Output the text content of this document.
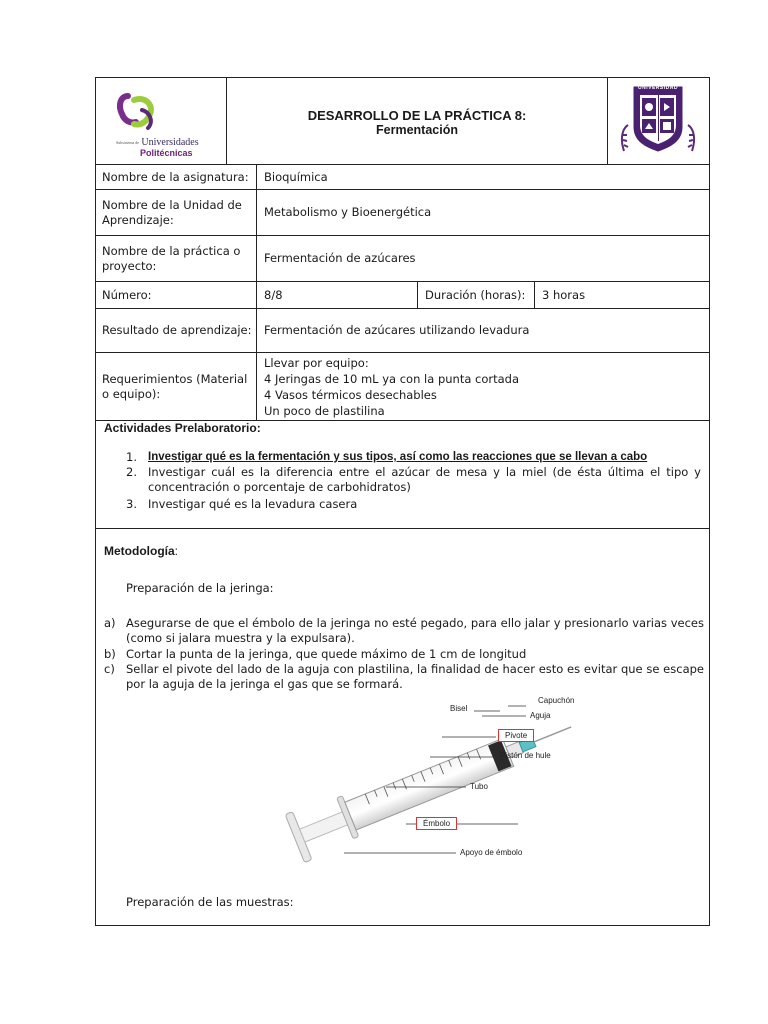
Subsistema de Universidades
Politécnicas
DESARROLLO DE LA PRÁCTICA 8:
Fermentación
UNIVERSIDAD
Nombre de la asignatura:	Bioquímica
Nombre de la Unidad de Aprendizaje:
Metabolismo y Bioenergética
Nombre de la práctica o proyecto:
Fermentación de azúcares
Número:	8/8	Duración (horas):	3 horas
Resultado de aprendizaje:	Fermentación de azúcares utilizando levadura
Requerimientos (Material o equipo):
Llevar por equipo:
4 Jeringas de 10 mL ya con la punta cortada
4 Vasos térmicos desechables
Un poco de plastilina
Actividades Prelaboratorio:
1. Investigar qué es la fermentación y sus tipos, así como las reacciones que se llevan a cabo
2. Investigar cuál es la diferencia entre el azúcar de mesa y la miel (de ésta última el tipo y concentración o porcentaje de carbohidratos)
3. Investigar qué es la levadura casera
Metodología:
Preparación de la jeringa:
a) Asegurarse de que el émbolo de la jeringa no esté pegado, para ello jalar y presionarlo varias veces (como si jalara muestra y la expulsara).
b) Cortar la punta de la jeringa, que quede máximo de 1 cm de longitud
c) Sellar el pivote del lado de la aguja con plastilina, la finalidad de hacer esto es evitar que se escape por la aguja de la jeringa el gas que se formará.
Bisel
Capuchón
Aguja
Pivote
Pistón de hule
Tubo
Émbolo
Apoyo de émbolo
Preparación de las muestras:
